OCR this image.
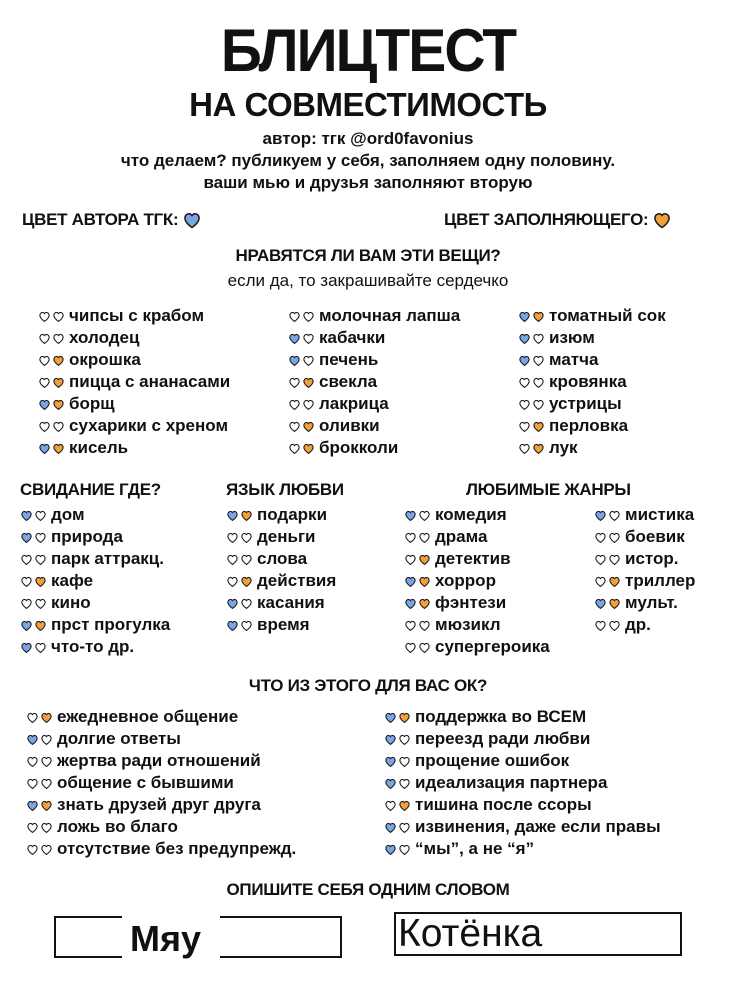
БЛИЦТЕСТ
НА СОВМЕСТИМОСТЬ
автор: тгк @ord0favonius
что делаем? публикуем у себя, заполняем одну половину.
ваши мью и друзья заполняют вторую
ЦВЕТ АВТОРА ТГК:	ЦВЕТ ЗАПОЛНЯЮЩЕГО:
НРАВЯТСЯ ЛИ ВАМ ЭТИ ВЕЩИ?
если да, то закрашивайте сердечко
чипсы с крабом
холодец
окрошка
пицца с ананасами
борщ
сухарики с хреном
кисель
молочная лапша
кабачки
печень
свекла
лакрица
оливки
брокколи
томатный сок
изюм
матча
кровянка
устрицы
перловка
лук
СВИДАНИЕ ГДЕ?	ЯЗЫК ЛЮБВИ	ЛЮБИМЫЕ ЖАНРЫ
дом
природа
парк аттракц.
кафе
кино
прст прогулка
что-то др.
подарки
деньги
слова
действия
касания
время
комедия
драма
детектив
хоррор
фэнтези
мюзикл
супергероика
мистика
боевик
истор.
триллер
мульт.
др.
ЧТО ИЗ ЭТОГО ДЛЯ ВАС ОК?
ежедневное общение
долгие ответы
жертва ради отношений
общение с бывшими
знать друзей друг друга
ложь во благо
отсутствие без предупрежд.
поддержка во ВСЕМ
переезд ради любви
прощение ошибок
идеализация партнера
тишина после ссоры
извинения, даже если правы
“мы”, а не “я”
ОПИШИТЕ СЕБЯ ОДНИМ СЛОВОМ
Мяу	Котёнка
